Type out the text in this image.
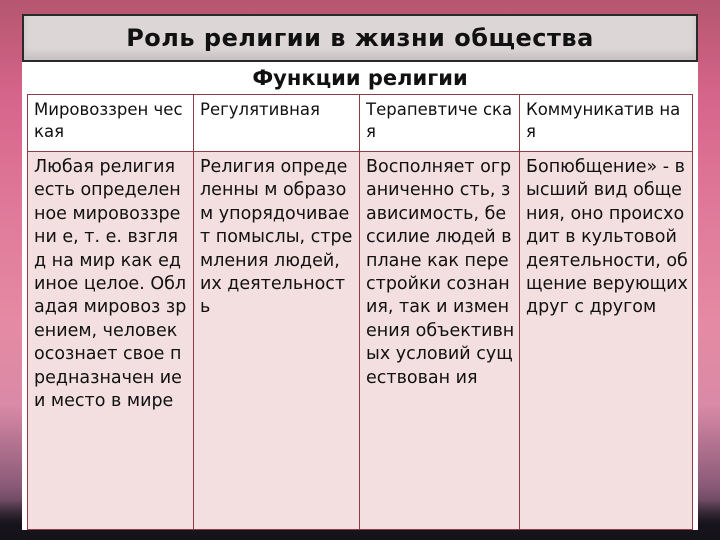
Роль религии в жизни общества
Функции религии
Мировоззрен ческая	Регулятивная	Терапевтиче ская	Коммуникатив ная
Любая религия есть определенное мировоззрени е, т. е. взгляд на мир как единое целое. Обладая мировоз зрением, человек осознает свое предназначен ие и место в мире	Религия определенны м образом упорядочивае т помыслы, стремления людей, их деятельность	Восполняет ограниченно сть, зависимость, бессилие людей в плане как перестройки сознания, так и изменения объективных условий существован ия	Бопюбщение» - высший вид общения, оно происходит в культовой деятельности, общение верующих друг с другом
